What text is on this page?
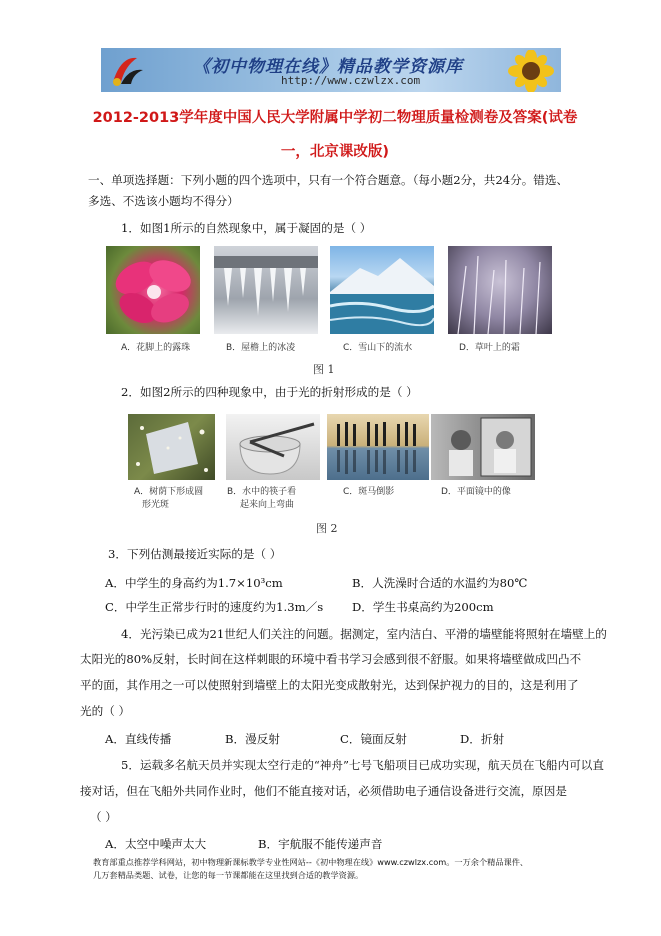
《初中物理在线》精品教学资源库
http://www.czwlzx.com
2012-2013学年度中国人民大学附属中学初二物理质量检测卷及答案(试卷
一，北京课改版)
一、单项选择题：下列小题的四个选项中，只有一个符合题意。（每小题2分，共24分。错选、
多选、不选该小题均不得分）
1．如图1所示的自然现象中，属于凝固的是（ ）
A．花脚上的露珠	B．屋檐上的冰凌	C．雪山下的流水	D．草叶上的霜
图 1
2．如图2所示的四种现象中，由于光的折射形成的是（ ）
A．树荫下形成圆
形光斑
B．水中的筷子看
起来向上弯曲
C．斑马倒影	D．平面镜中的像
图 2
3．下列估测最接近实际的是（ ）
A．中学生的身高约为1.7×10³cm	B．人洗澡时合适的水温约为80℃
C．中学生正常步行时的速度约为1.3m／s D．学生书桌高约为200cm
4．光污染已成为21世纪人们关注的问题。据测定，室内洁白、平滑的墙壁能将照射在墙壁上的
太阳光的80%反射，长时间在这样刺眼的环境中看书学习会感到很不舒服。如果将墙壁做成凹凸不
平的面，其作用之一可以使照射到墙壁上的太阳光变成散射光，达到保护视力的目的，这是利用了
光的（ ）
A．直线传播	B．漫反射	C．镜面反射	D．折射
5．运载多名航天员并实现太空行走的“神舟”七号飞船项目已成功实现，航天员在飞船内可以直
接对话，但在飞船外共同作业时，他们不能直接对话，必须借助电子通信设备进行交流，原因是
（ ）
A．太空中噪声太大	B．宇航服不能传递声音
教育部重点推荐学科网站，初中物理新课标教学专业性网站--《初中物理在线》www.czwlzx.com。一万余个精品课件、
几万套精品类题、试卷，让您的每一节课都能在这里找到合适的教学资源。
